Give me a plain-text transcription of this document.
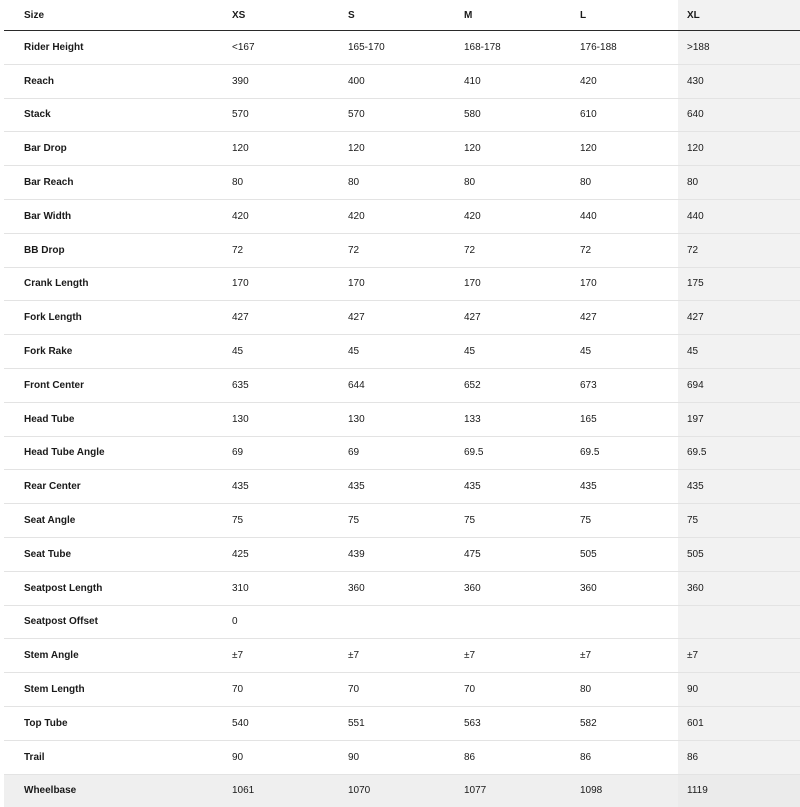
Size	XS	S	M	L	XL
Rider Height	<167	165-170	168-178	176-188	>188
Reach	390	400	410	420	430
Stack	570	570	580	610	640
Bar Drop	120	120	120	120	120
Bar Reach	80	80	80	80	80
Bar Width	420	420	420	440	440
BB Drop	72	72	72	72	72
Crank Length	170	170	170	170	175
Fork Length	427	427	427	427	427
Fork Rake	45	45	45	45	45
Front Center	635	644	652	673	694
Head Tube	130	130	133	165	197
Head Tube Angle	69	69	69.5	69.5	69.5
Rear Center	435	435	435	435	435
Seat Angle	75	75	75	75	75
Seat Tube	425	439	475	505	505
Seatpost Length	310	360	360	360	360
Seatpost Offset	0				
Stem Angle	±7	±7	±7	±7	±7
Stem Length	70	70	70	80	90
Top Tube	540	551	563	582	601
Trail	90	90	86	86	86
Wheelbase	1061	1070	1077	1098	1119
